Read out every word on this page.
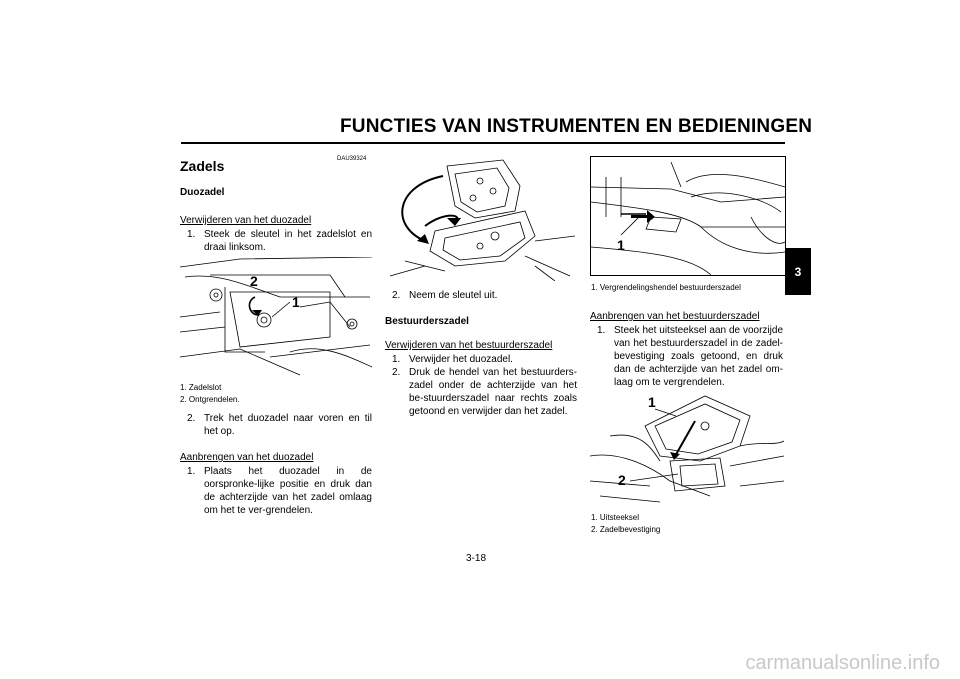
FUNCTIES VAN INSTRUMENTEN EN BEDIENINGEN
3
DAU39324
Zadels
Duozadel
Verwijderen van het duozadel
1. Steek de sleutel in het zadelslot en draai linksom.
2
1
1. Zadelslot
2. Ontgrendelen.
2. Trek het duozadel naar voren en til het op.
Aanbrengen van het duozadel
1. Plaats het duozadel in de oorspronke-lijke positie en druk dan de achterzijde van het zadel omlaag om het te ver-grendelen.
2. Neem de sleutel uit.
Bestuurderszadel
Verwijderen van het bestuurderszadel
1. Verwijder het duozadel.
2. Druk de hendel van het bestuurders-zadel onder de achterzijde van het be-stuurderszadel naar rechts zoals getoond en verwijder dan het zadel.
1
1. Vergrendelingshendel bestuurderszadel
Aanbrengen van het bestuurderszadel
1. Steek het uitsteeksel aan de voorzijde van het bestuurderszadel in de zadel-bevestiging zoals getoond, en druk dan de achterzijde van het zadel om-laag om te vergrendelen.
1
2
1. Uitsteeksel
2. Zadelbevestiging
3-18
carmanualsonline.info
